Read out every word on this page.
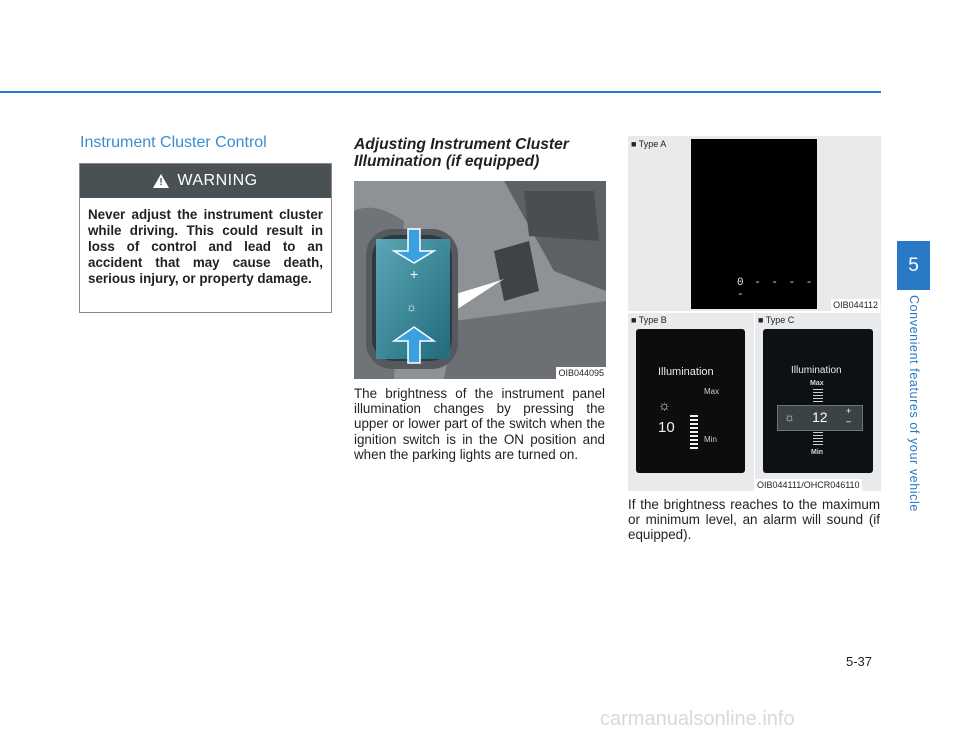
Instrument Cluster Control
! WARNING
Never adjust the instrument cluster while driving. This could result in loss of control and lead to an accident that may cause death, serious injury, or property damage.
Adjusting Instrument Cluster Illumination (if equipped)
+
☼
OIB044095

The brightness of the instrument panel illumination changes by pressing the upper or lower part of the switch when the ignition switch is in the ON position and when the parking lights are turned on.

■ Type A
0 - - - - -
OIB044112
■ Type B
Illumination
Max
☼
10
Min
■ Type C
Illumination
Max
☼ 12 +
–
Min
OIB044111/OHCR046110

If the brightness reaches to the maximum or minimum level, an alarm will sound (if equipped).

5
Convenient features of your vehicle
5-37
carmanualsonline.info
